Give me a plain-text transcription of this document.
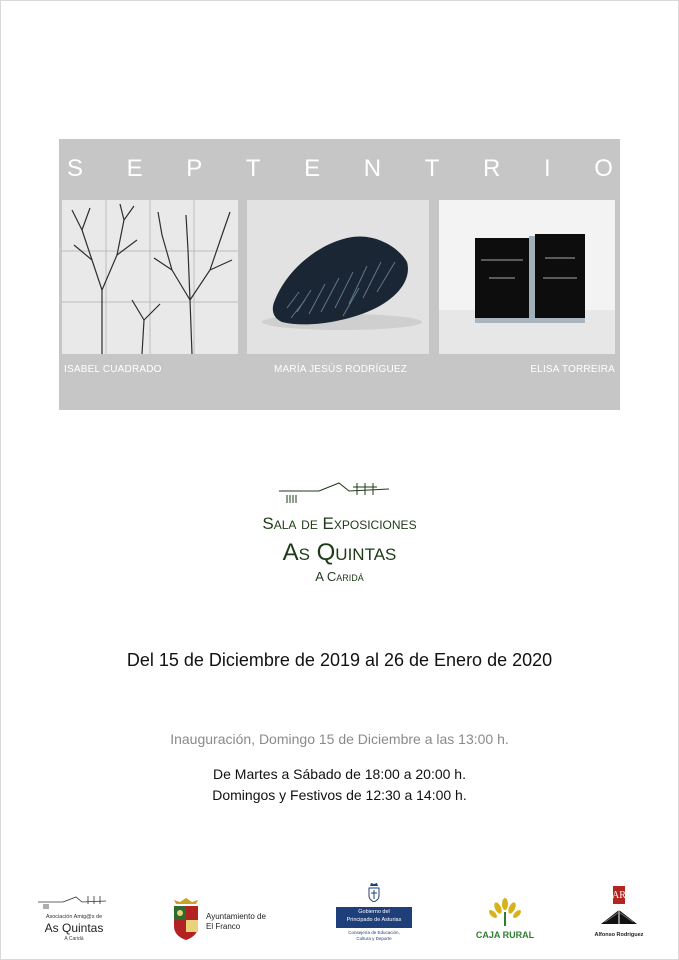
S E P T E N T R I O
ISABEL CUADRADO	MARÍA JESÚS RODRÍGUEZ	ELISA TORREIRA
Sala de Exposiciones
As Quintas
A Caridá
Del 15 de Diciembre de 2019 al 26 de Enero de 2020
Inauguración, Domingo 15 de Diciembre a las 13:00 h.
De Martes a Sábado de 18:00 a 20:00 h.
Domingos y Festivos de 12:30 a 14:00 h.
Asociación Amig@s de
As Quintas
A Caridá
Ayuntamiento de
El Franco
Gobierno del
Principado de Asturias
Consejería de Educación,
Cultura y Deporte	CAJA RURAL
AR
Alfonso Rodríguez
